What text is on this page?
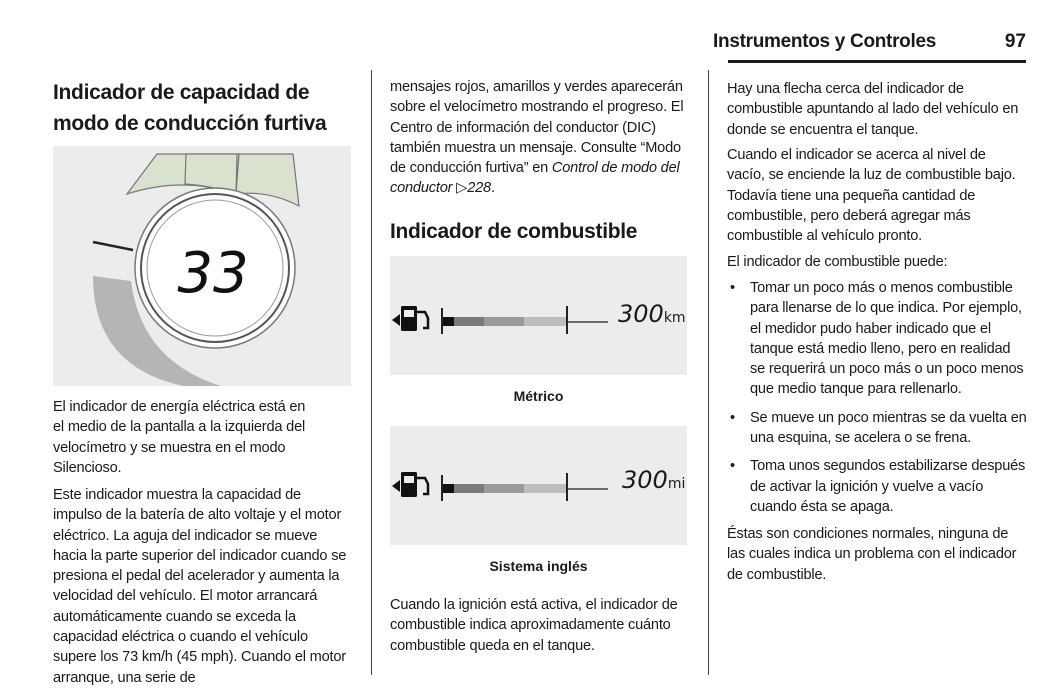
Instrumentos y Controles	97
Indicador de capacidad de modo de conducción furtiva
33

El indicador de energía eléctrica está en el medio de la pantalla a la izquierda del velocímetro y se muestra en el modo Silencioso.

Este indicador muestra la capacidad de impulso de la batería de alto voltaje y el motor eléctrico. La aguja del indicador se mueve hacia la parte superior del indicador cuando se presiona el pedal del acelerador y aumenta la velocidad del vehículo. El motor arrancará automáticamente cuando se exceda la capacidad eléctrica o cuando el vehículo supere los 73 km/h (45 mph). Cuando el motor arranque, una serie de

mensajes rojos, amarillos y verdes aparecerán sobre el velocímetro mostrando el progreso. El Centro de información del conductor (DIC) también muestra un mensaje. Consulte “Modo de conducción furtiva” en Control de modo del conductor ▷228.

Indicador de combustible
300km
Métrico
300mi
Sistema inglés

Cuando la ignición está activa, el indicador de combustible indica aproximadamente cuánto combustible queda en el tanque.

Hay una flecha cerca del indicador de combustible apuntando al lado del vehículo en donde se encuentra el tanque.

Cuando el indicador se acerca al nivel de vacío, se enciende la luz de combustible bajo. Todavía tiene una pequeña cantidad de combustible, pero deberá agregar más combustible al vehículo pronto.

El indicador de combustible puede:

• Tomar un poco más o menos combustible para llenarse de lo que indica. Por ejemplo, el medidor pudo haber indicado que el tanque está medio lleno, pero en realidad se requerirá un poco más o un poco menos que medio tanque para rellenarlo.
• Se mueve un poco mientras se da vuelta en una esquina, se acelera o se frena.
• Toma unos segundos estabilizarse después de activar la ignición y vuelve a vacío cuando ésta se apaga.

Éstas son condiciones normales, ninguna de las cuales indica un problema con el indicador de combustible.
